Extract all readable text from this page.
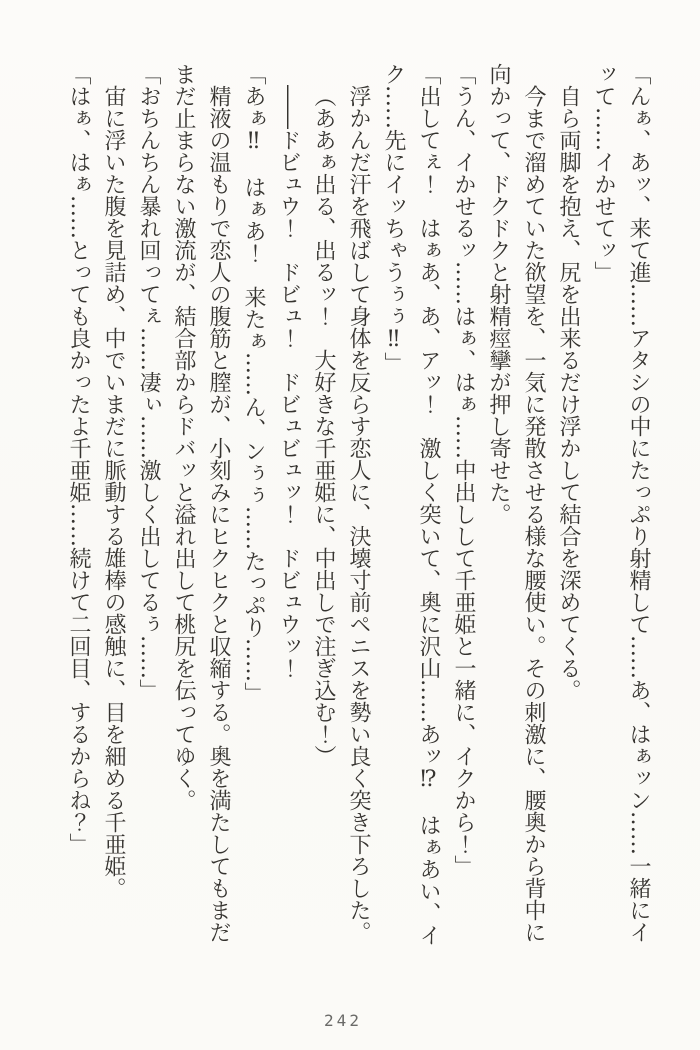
「んぁ、あッ、来て進……アタシの中にたっぷり射精して……あ、はぁッン……一緒にイ

ッて……イかせてッ」

自ら両脚を抱え、尻を出来るだけ浮かして結合を深めてくる。

今まで溜めていた欲望を、一気に発散させる様な腰使い。その刺激に、腰奥から背中に

向かって、ドクドクと射精痙攣が押し寄せた。

「うん、イかせるッ……はぁ、はぁ……中出しして千亜姫と一緒に、イクから！」

「出してぇ！　はぁあ、あ、アッ！　激しく突いて、奥に沢山……あッ⁉　はぁあい、イ

ク……先にイッちゃうぅぅ‼」

浮かんだ汗を飛ばして身体を反らす恋人に、決壊寸前ペニスを勢い良く突き下ろした。

（ああぁ出る、出るッ！　大好きな千亜姫に、中出しで注ぎ込む！）

――ドビュウ！　ドビュ！　ドビュビュッ！　ドビュウッ！

「あぁ‼　はぁあ！　来たぁ……ん、ンぅぅ……たっぷり……」

精液の温もりで恋人の腹筋と膣が、小刻みにヒクヒクと収縮する。奥を満たしてもまだ

まだ止まらない激流が、結合部からドバッと溢れ出して桃尻を伝ってゆく。

「おちんちん暴れ回ってぇ……凄ぃ……激しく出してるぅ……」

宙に浮いた腹を見詰め、中でいまだに脈動する雄棒の感触に、目を細める千亜姫。

「はぁ、はぁ……とっても良かったよ千亜姫……続けて二回目、するからね？」

242
